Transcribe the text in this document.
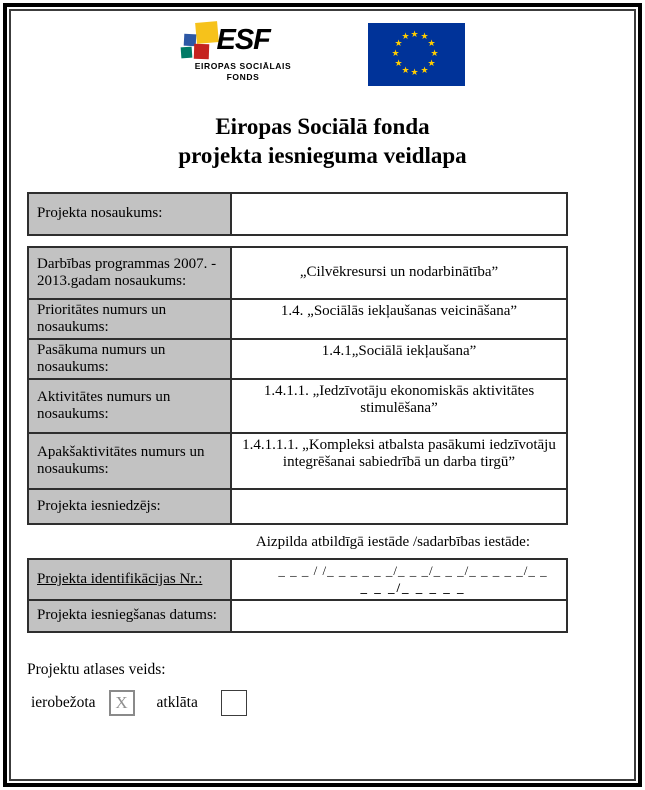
ESF
EIROPAS SOCIĀLAIS
FONDS
★ ★
★
★
★
★
★
★
★
★
★
★
Eiropas Sociālā fonda
projekta iesnieguma veidlapa
Projekta nosaukums:	
Darbības programmas 2007. - 2013.gadam nosaukums:	„Cilvēkresursi un nodarbinātība”
Prioritātes numurs un nosaukums:	1.4. „Sociālās iekļaušanas veicināšana”
Pasākuma numurs un nosaukums:	1.4.1„Sociālā iekļaušana”
Aktivitātes numurs un nosaukums:	1.4.1.1. „Iedzīvotāju ekonomiskās aktivitātes stimulēšana”
Apakšaktivitātes numurs un nosaukums:	1.4.1.1.1. „Kompleksi atbalsta pasākumi iedzīvotāju integrēšanai sabiedrībā un darba tirgū”
Projekta iesniedzējs:	
Aizpilda atbildīgā iestāde /sadarbības iestāde:
Projekta identifikācijas Nr.:	_ _ _ / /_ _ _ _ _ _/_ _ _/_ _ _/_ _ _ _ _/_ _
_ _ _/_ _ _ _ _

Projekta iesniegšanas datums:	
Projektu atlases veids:
ierobežota	X	atklāta
